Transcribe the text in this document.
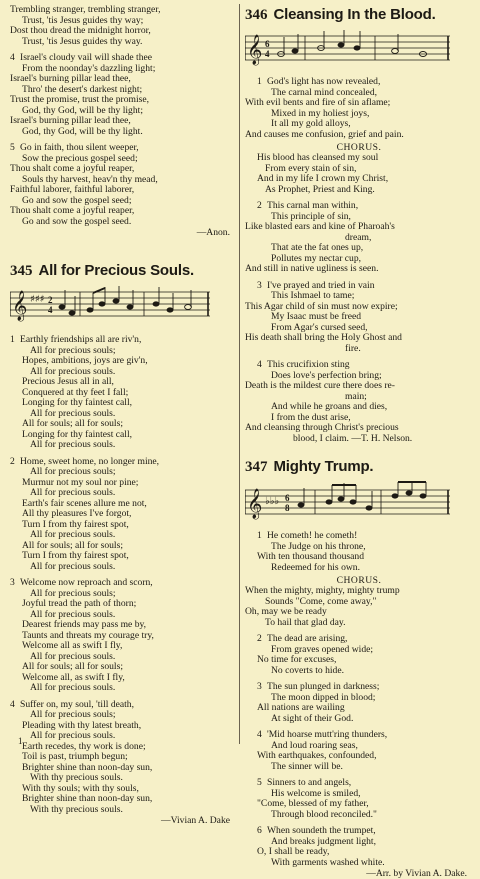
Trembling stranger, trembling stranger,
Trust, 'tis Jesus guides thy way;
Dost thou dread the midnight horror,
Trust, 'tis Jesus guides thy way.
4 Israel's cloudy vail will shade thee
From the noonday's dazzling light;
Israel's burning pillar lead thee,
Thro' the desert's darkest night;
Trust the promise, trust the promise,
God, thy God, will be thy light;
Israel's burning pillar lead thee,
God, thy God, will be thy light.
5 Go in faith, thou silent weeper,
Sow the precious gospel seed;
Thou shalt come a joyful reaper,
Souls thy harvest, heav'n thy mead,
Faithful laborer, faithful laborer,
Go and sow the gospel seed;
Thou shalt come a joyful reaper,
Go and sow the gospel seed.
—Anon.
345 All for Precious Souls.
𝄞 ♯♯♯ 2
4
1 Earthly friendships all are riv'n,
All for precious souls;
Hopes, ambitions, joys are giv'n,
All for precious souls.
Precious Jesus all in all,
Conquered at thy feet I fall;
Longing for thy faintest call,
All for precious souls.
All for souls; all for souls;
Longing for thy faintest call,
All for precious souls.
2 Home, sweet home, no longer mine,
All for precious souls;
Murmur not my soul nor pine;
All for precious souls.
Earth's fair scenes allure me not,
All thy pleasures I've forgot,
Turn I from thy fairest spot,
All for precious souls.
All for souls; all for souls;
Turn I from thy fairest spot,
All for precious souls.
3 Welcome now reproach and scorn,
All for precious souls;
Joyful tread the path of thorn;
All for precious souls.
Dearest friends may pass me by,
Taunts and threats my courage try,
Welcome all as swift I fly,
All for precious souls.
All for souls; all for souls;
Welcome all, as swift I fly,
All for precious souls.
4 Suffer on, my soul, 'till death,
All for precious souls;
Pleading with thy latest breath,
All for precious souls.
Earth recedes, thy work is done;
Toil is past, triumph begun;
Brighter shine than noon-day sun,
With thy precious souls.
With thy souls; with thy souls,
Brighter shine than noon-day sun,
With thy precious souls.
—Vivian A. Dake
1
346 Cleansing In the Blood.
𝄞 6
4
1 God's light has now revealed,
The carnal mind concealed,
With evil bents and fire of sin aflame;
Mixed in my holiest joys,
It all my gold alloys,
And causes me confusion, grief and pain.
CHORUS.
His blood has cleansed my soul
From every stain of sin,
And in my life I crown my Christ,
As Prophet, Priest and King.
2 This carnal man within,
This principle of sin,
Like blasted ears and kine of Pharoah's
dream,
That ate the fat ones up,
Pollutes my nectar cup,
And still in native ugliness is seen.
3 I've prayed and tried in vain
This Ishmael to tame;
This Agar child of sin must now expire;
My Isaac must be freed
From Agar's cursed seed,
His death shall bring the Holy Ghost and
fire.
4 This crucifixion sting
Does love's perfection bring;
Death is the mildest cure there does re-
main;
And while he groans and dies,
I from the dust arise,
And cleansing through Christ's precious
blood, I claim. —T. H. Nelson.
347 Mighty Trump.
𝄞 ♭♭♭ 6
8
1 He cometh! he cometh!
The Judge on his throne,
With ten thousand thousand
Redeemed for his own.
CHORUS.
When the mighty, mighty, mighty trump
Sounds "Come, come away,"
Oh, may we be ready
To hail that glad day.
2 The dead are arising,
From graves opened wide;
No time for excuses,
No coverts to hide.
3 The sun plunged in darkness;
The moon dipped in blood;
All nations are wailing
At sight of their God.
4 'Mid hoarse mutt'ring thunders,
And loud roaring seas,
With earthquakes, confounded,
The sinner will be.
5 Sinners to and angels,
His welcome is smiled,
"Come, blessed of my father,
Through blood reconciled."
6 When soundeth the trumpet,
And breaks judgment light,
O, I shall be ready,
With garments washed white.
—Arr. by Vivian A. Dake.
